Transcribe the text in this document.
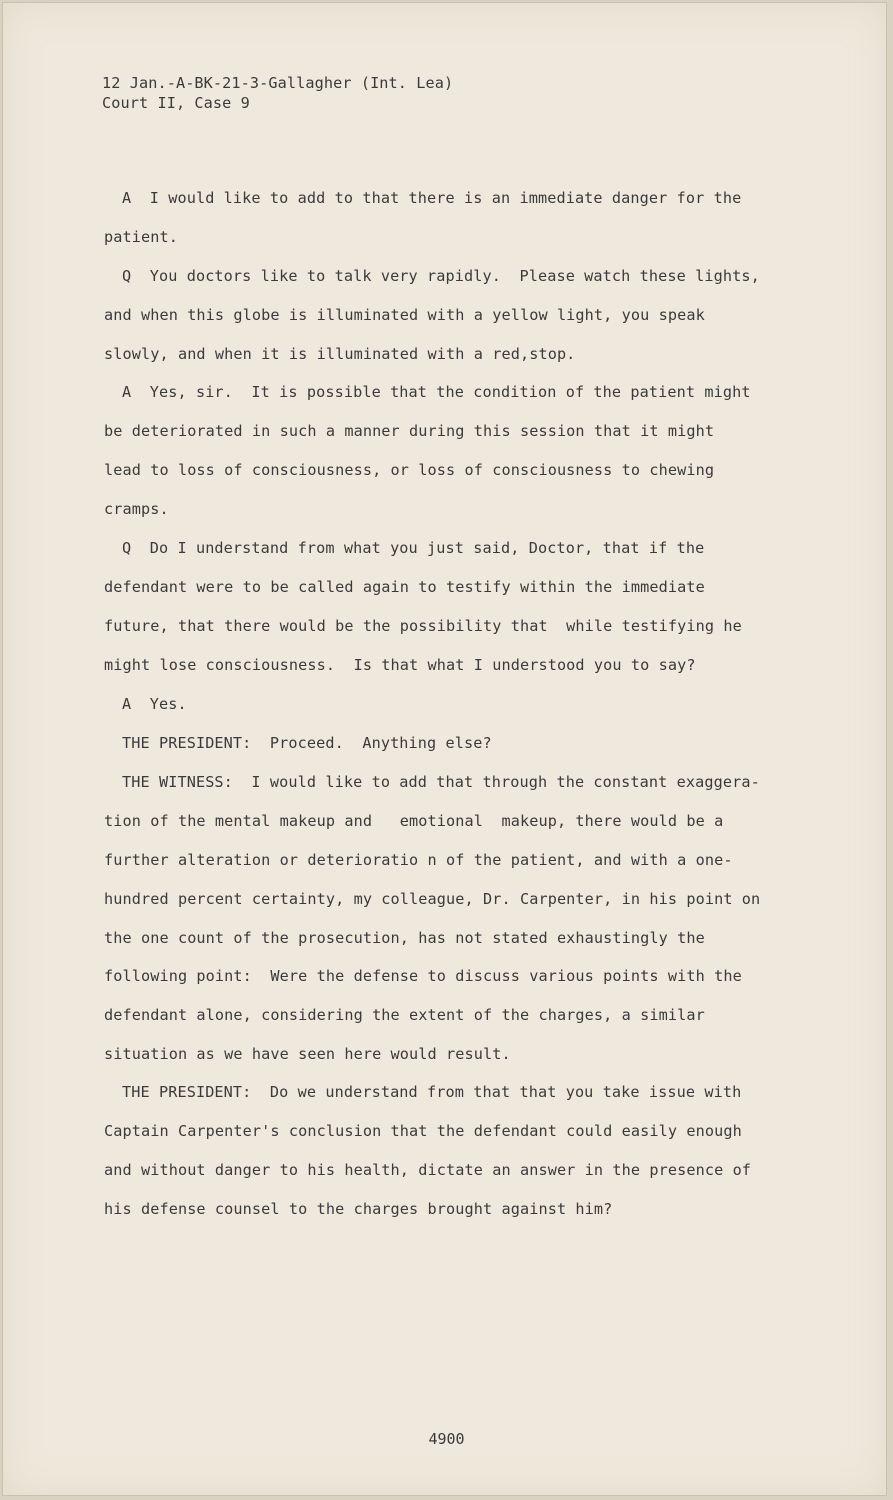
12 Jan.-A-BK-21-3-Gallagher (Int. Lea)
Court II, Case 9
A  I would like to add to that there is an immediate danger for the
patient.
Q  You doctors like to talk very rapidly.  Please watch these lights,
and when this globe is illuminated with a yellow light, you speak
slowly, and when it is illuminated with a red,stop.
A  Yes, sir.  It is possible that the condition of the patient might
be deteriorated in such a manner during this session that it might
lead to loss of consciousness, or loss of consciousness to chewing
cramps.
Q  Do I understand from what you just said, Doctor, that if the
defendant were to be called again to testify within the immediate
future, that there would be the possibility that  while testifying he
might lose consciousness.  Is that what I understood you to say?
A  Yes.
THE PRESIDENT:  Proceed.  Anything else?
THE WITNESS:  I would like to add that through the constant exaggera-
tion of the mental makeup and   emotional  makeup, there would be a
further alteration or deterioratio n of the patient, and with a one-
hundred percent certainty, my colleague, Dr. Carpenter, in his point on
the one count of the prosecution, has not stated exhaustingly the
following point:  Were the defense to discuss various points with the
defendant alone, considering the extent of the charges, a similar
situation as we have seen here would result.
THE PRESIDENT:  Do we understand from that that you take issue with
Captain Carpenter's conclusion that the defendant could easily enough
and without danger to his health, dictate an answer in the presence of
his defense counsel to the charges brought against him?
4900
